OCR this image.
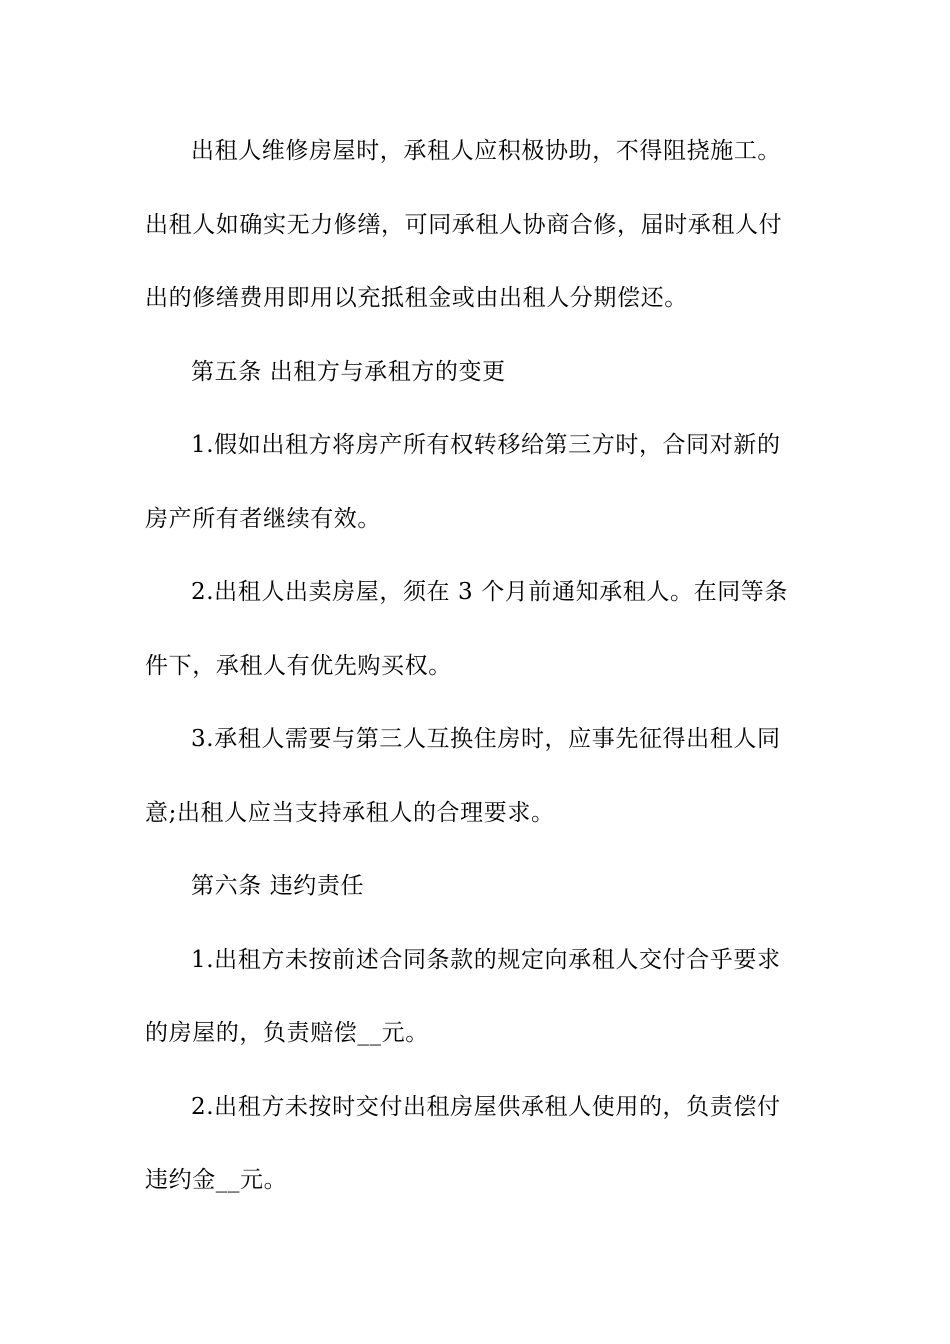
出租人维修房屋时，承租人应积极协助，不得阻挠施工。
出租人如确实无力修缮，可同承租人协商合修，届时承租人付
出的修缮费用即用以充抵租金或由出租人分期偿还。
第五条 出租方与承租方的变更
1.假如出租方将房产所有权转移给第三方时，合同对新的
房产所有者继续有效。
2.出租人出卖房屋，须在 3 个月前通知承租人。在同等条
件下，承租人有优先购买权。
3.承租人需要与第三人互换住房时，应事先征得出租人同
意;出租人应当支持承租人的合理要求。
第六条 违约责任
1.出租方未按前述合同条款的规定向承租人交付合乎要求
的房屋的，负责赔偿__元。
2.出租方未按时交付出租房屋供承租人使用的，负责偿付
违约金__元。
